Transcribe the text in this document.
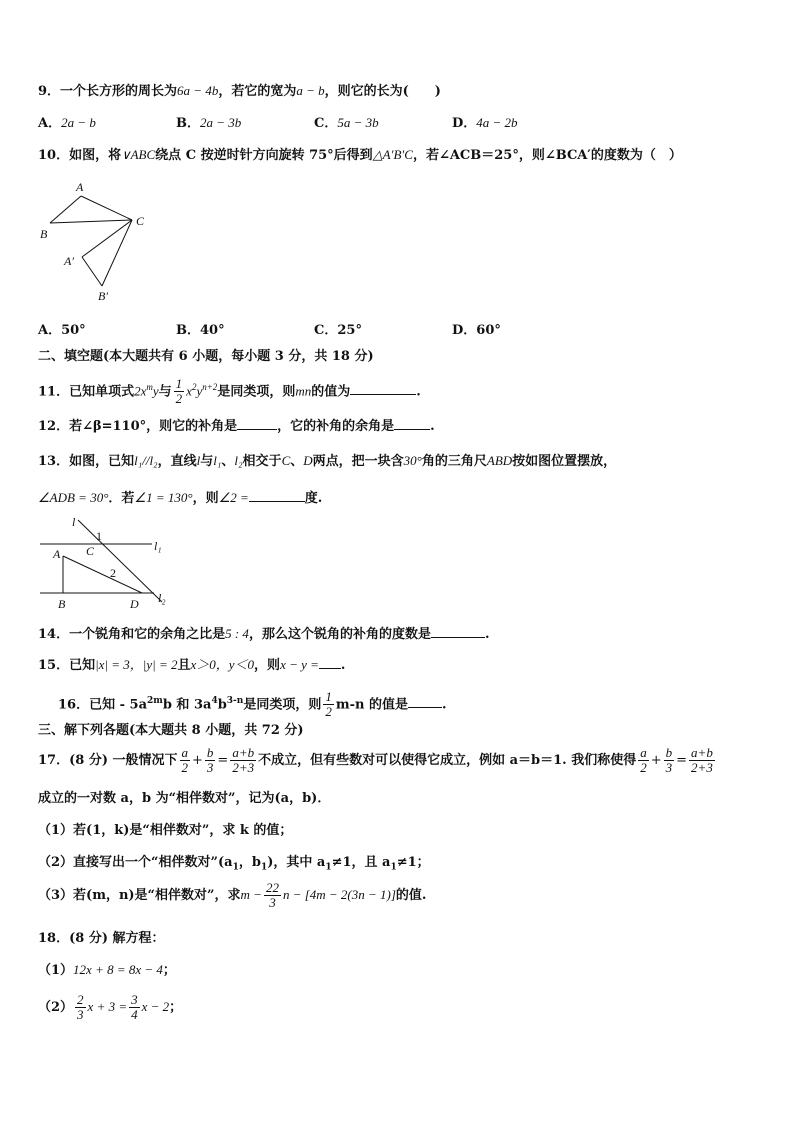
9．一个长方形的周长为6a − 4b，若它的宽为a − b，则它的长为(　　)
A．2a − b	B．2a − 3b	C．5a − 3b	D．4a − 2b
10．如图，将∨ABC绕点 C 按逆时针方向旋转 75°后得到△A′B′C，若∠ACB＝25°，则∠BCA′的度数为（　）
A
B
C
A′
B′
A．50°	B．40°	C．25°	D．60°
二、填空题(本大题共有 6 小题，每小题 3 分，共 18 分)
11．已知单项式$2x^my$与 $\frac{1}{2} x^2y^{n+2}$是同类项，则mn的值为	.
12．若∠β=110°，则它的补角是	，它的补角的余角是	.
13．如图，已知l₁//l₂，直线l与l₁、l₂相交于C、D两点，把一块含30°角的三角尺ABD按如图位置摆放，
∠ADB = 30°．若∠1 = 130°，则∠2 =	度.
l
1
2
A C
B	D
l₁
l₂
14．一个锐角和它的余角之比是5 : 4，那么这个锐角的补角的度数是	.
15．已知|x| = 3，|y| = 2且x＞0，y＜0，则x − y = .
16．已知 - $5a^{2m}b$ 和 $3a^4b^{3-n}$是同类项，则 $\frac{1}{2} m-n$ 的值是	.
三、解下列各题(本大题共 8 小题，共 72 分)
17．(8 分) 一般情况下 $\frac{a}{2} + \frac{b}{3} = \frac{a+b}{2+3}$ 不成立，但有些数对可以使得它成立，例如 a＝b＝1. 我们称使得 $\frac{a}{2} + \frac{b}{3} = \frac{a+b}{2+3}$
成立的一对数 a，b 为“相伴数对”，记为(a，b)．
（1）若(1，k)是“相伴数对”，求 k 的值；
（2）直接写出一个“相伴数对$”(a_1$，$b_1$)，其中 $a_1\ne 1$，且 $a_1\ne 1$；
（3）若(m，n)是“相伴数对”，求$m - \frac{22}{3}$ n − [4m − 2(3n − 1)]的值.
18．(8 分) 解方程：
（1）12x + 8 = 8x − 4；
$(2) \frac{2}{3}$ $x + 3 = \frac{3}{4}$ x − 2；
